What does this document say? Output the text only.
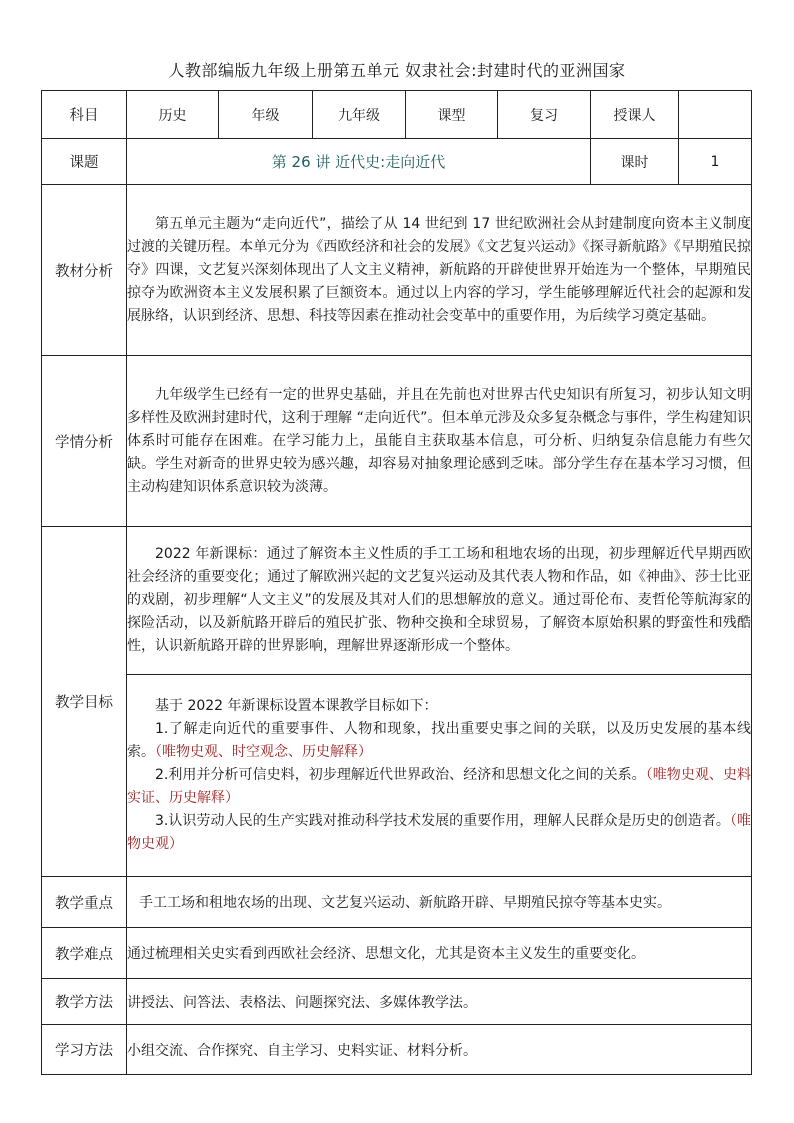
人教部编版九年级上册第五单元 奴隶社会:封建时代的亚洲国家
科目	历史	年级	九年级	课型	复习	授课人	
课题	第 26 讲 近代史:走向近代					课时	1
教材分析	第五单元主题为“走向近代”，描绘了从 14 世纪到 17 世纪欧洲社会从封建制度向资本主义制度过渡的关键历程。本单元分为《西欧经济和社会的发展》《文艺复兴运动》《探寻新航路》《早期殖民掠夺》四课，文艺复兴深刻体现出了人文主义精神，新航路的开辟使世界开始连为一个整体，早期殖民掠夺为欧洲资本主义发展积累了巨额资本。通过以上内容的学习，学生能够理解近代社会的起源和发展脉络，认识到经济、思想、科技等因素在推动社会变革中的重要作用，为后续学习奠定基础。						
学情分析	九年级学生已经有一定的世界史基础，并且在先前也对世界古代史知识有所复习，初步认知文明多样性及欧洲封建时代，这利于理解 “走向近代”。但本单元涉及众多复杂概念与事件，学生构建知识体系时可能存在困难。在学习能力上，虽能自主获取基本信息，可分析、归纳复杂信息能力有些欠缺。学生对新奇的世界史较为感兴趣，却容易对抽象理论感到乏味。部分学生存在基本学习习惯，但主动构建知识体系意识较为淡薄。						
教学目标	2022 年新课标：通过了解资本主义性质的手工工场和租地农场的出现，初步理解近代早期西欧社会经济的重要变化；通过了解欧洲兴起的文艺复兴运动及其代表人物和作品，如《神曲》、莎士比亚的戏剧，初步理解“人文主义”的发展及其对人们的思想解放的意义。通过哥伦布、麦哲伦等航海家的探险活动，以及新航路开辟后的殖民扩张、物种交换和全球贸易，了解资本原始积累的野蛮性和残酷性，认识新航路开辟的世界影响，理解世界逐渐形成一个整体。						

	基于 2022 年新课标设置本课教学目标如下：

1.了解走向近代的重要事件、人物和现象，找出重要史事之间的关联，以及历史发展的基本线索。（唯物史观、时空观念、历史解释）

2.利用并分析可信史料，初步理解近代世界政治、经济和思想文化之间的关系。（唯物史观、史料实证、历史解释）

3.认识劳动人民的生产实践对推动科学技术发展的重要作用，理解人民群众是历史的创造者。（唯物史观）						

教学重点	手工工场和租地农场的出现、文艺复兴运动、新航路开辟、早期殖民掠夺等基本史实。						
教学难点	通过梳理相关史实看到西欧社会经济、思想文化，尤其是资本主义发生的重要变化。						
教学方法	讲授法、问答法、表格法、问题探究法、多媒体教学法。						
学习方法	小组交流、合作探究、自主学习、史料实证、材料分析。						
